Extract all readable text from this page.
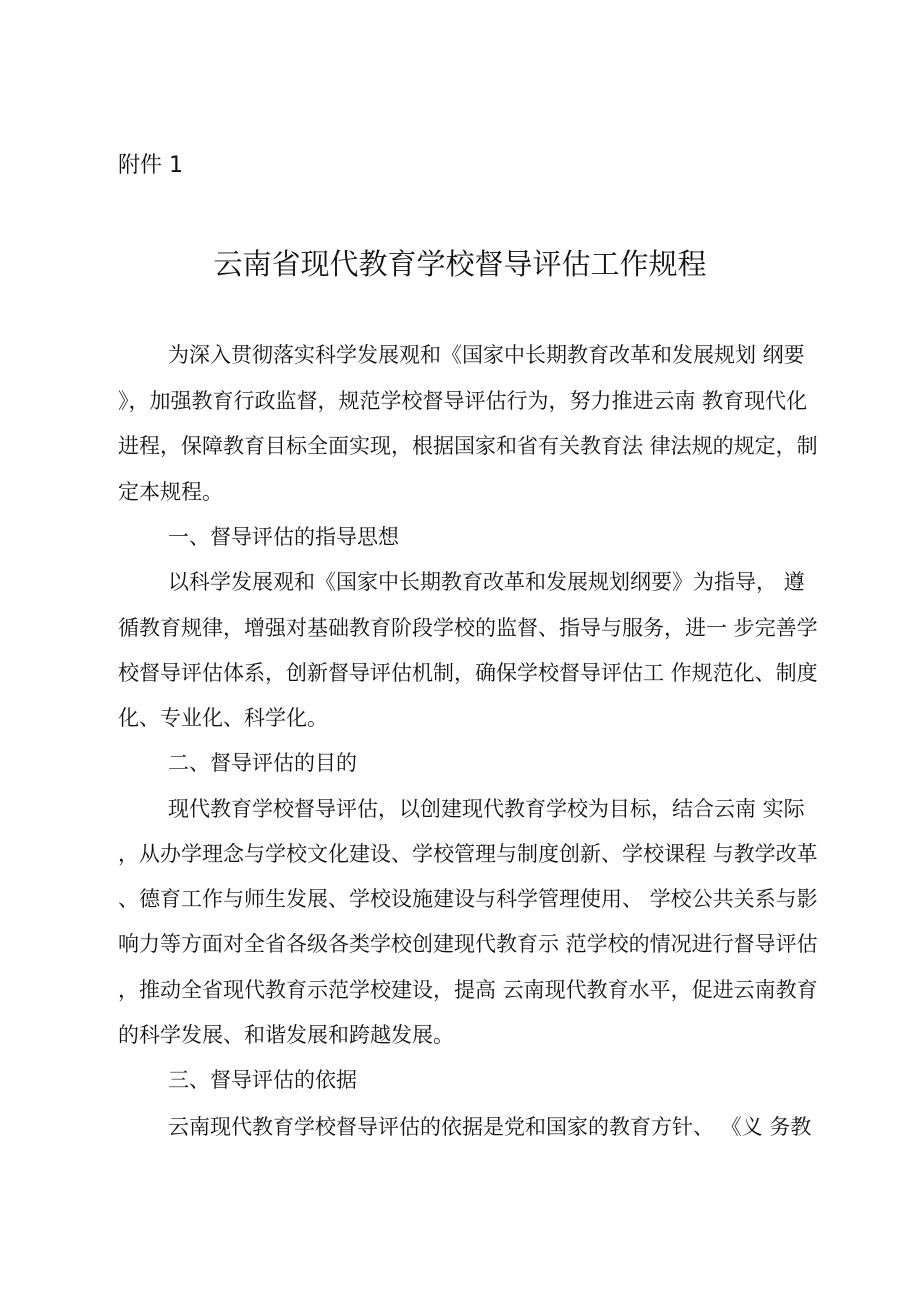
附件 1
云南省现代教育学校督导评估工作规程
为深入贯彻落实科学发展观和《国家中长期教育改革和发展规划 纲要
》，加强教育行政监督，规范学校督导评估行为，努力推进云南 教育现代化
进程，保障教育目标全面实现，根据国家和省有关教育法 律法规的规定，制
定本规程。
一、督导评估的指导思想
以科学发展观和《国家中长期教育改革和发展规划纲要》为指导， 遵
循教育规律，增强对基础教育阶段学校的监督、指导与服务，进一 步完善学
校督导评估体系，创新督导评估机制，确保学校督导评估工 作规范化、制度
化、专业化、科学化。
二、督导评估的目的
现代教育学校督导评估，以创建现代教育学校为目标，结合云南 实际
，从办学理念与学校文化建设、学校管理与制度创新、学校课程 与教学改革
、德育工作与师生发展、学校设施建设与科学管理使用、 学校公共关系与影
响力等方面对全省各级各类学校创建现代教育示 范学校的情况进行督导评估
，推动全省现代教育示范学校建设，提高 云南现代教育水平，促进云南教育
的科学发展、和谐发展和跨越发展。
三、督导评估的依据
云南现代教育学校督导评估的依据是党和国家的教育方针、 《义 务教
